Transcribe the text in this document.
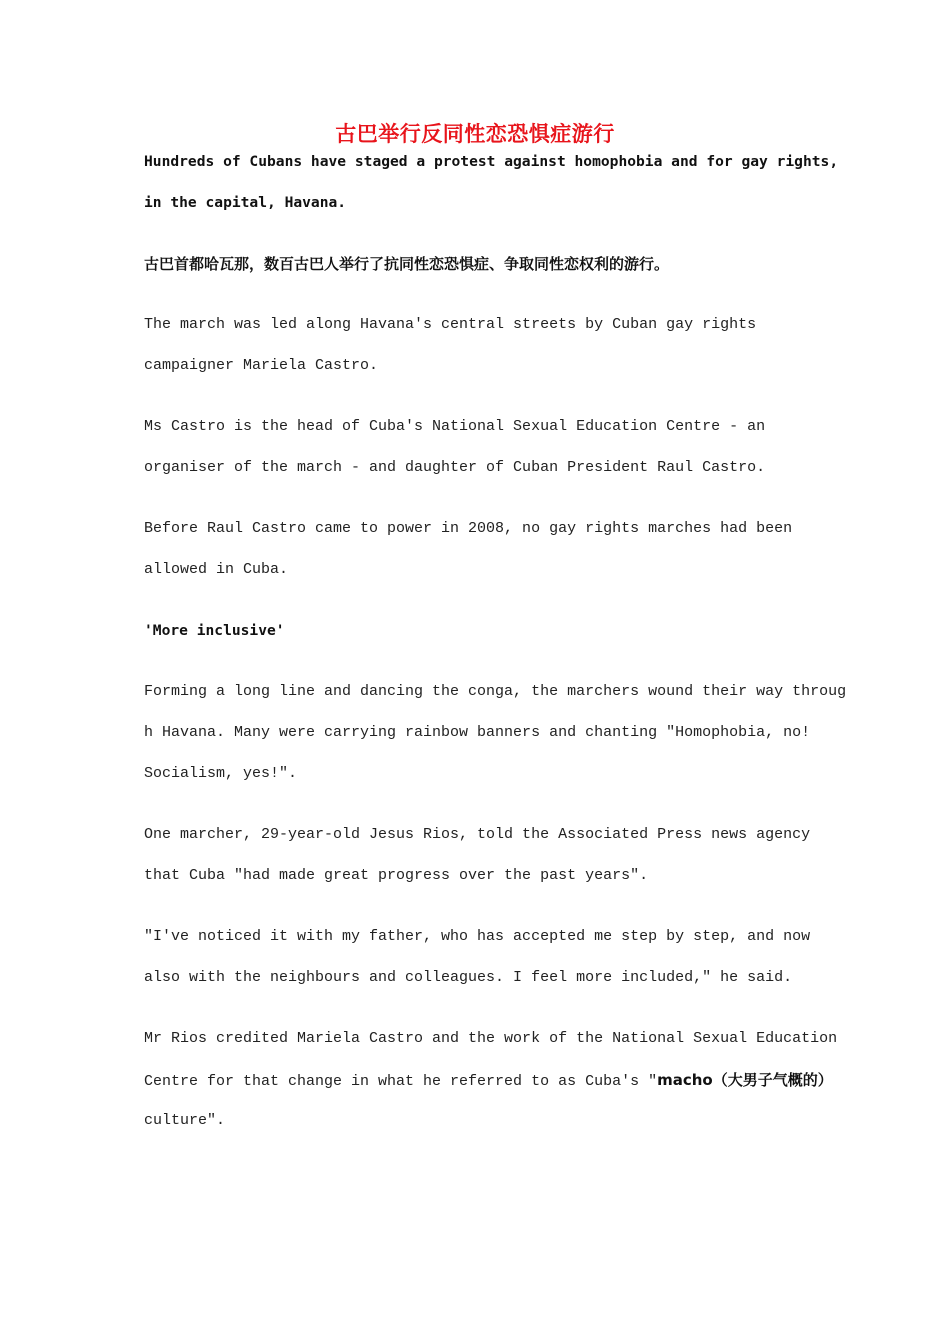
古巴举行反同性恋恐惧症游行
Hundreds of Cubans have staged a protest against homophobia and for gay rights,
in the capital, Havana.
古巴首都哈瓦那，数百古巴人举行了抗同性恋恐惧症、争取同性恋权利的游行。
The march was led along Havana's central streets by Cuban gay rights
campaigner Mariela Castro.
Ms Castro is the head of Cuba's National Sexual Education Centre - an
organiser of the march - and daughter of Cuban President Raul Castro.
Before Raul Castro came to power in 2008, no gay rights marches had been
allowed in Cuba.
'More inclusive'
Forming a long line and dancing the conga, the marchers wound their way throug
h Havana. Many were carrying rainbow banners and chanting "Homophobia, no!
Socialism, yes!".
One marcher, 29-year-old Jesus Rios, told the Associated Press news agency
that Cuba "had made great progress over the past years".
"I've noticed it with my father, who has accepted me step by step, and now
also with the neighbours and colleagues. I feel more included," he said.
Mr Rios credited Mariela Castro and the work of the National Sexual Education
Centre for that change in what he referred to as Cuba's "macho（大男子气概的）
culture".
